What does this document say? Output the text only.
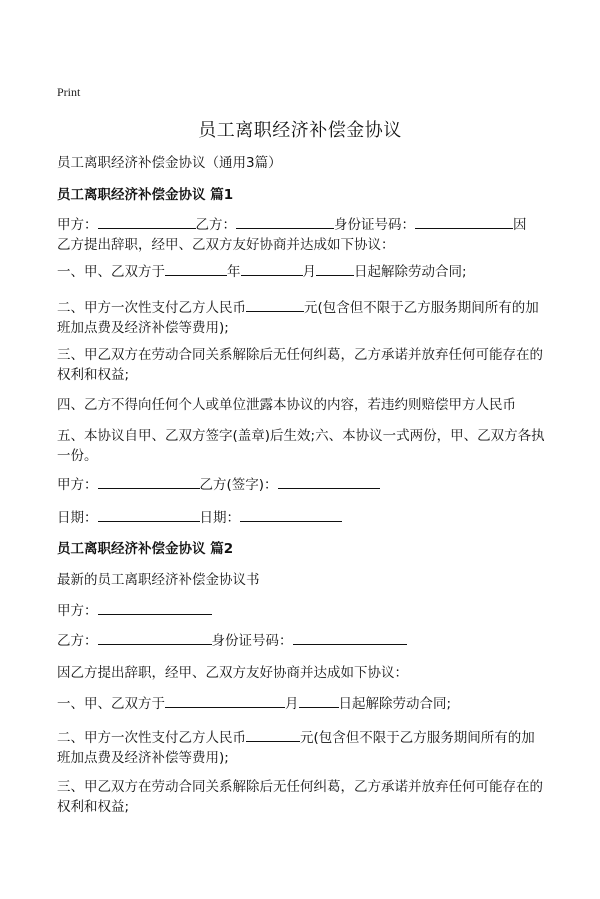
Print
员工离职经济补偿金协议
员工离职经济补偿金协议（通用3篇）
员工离职经济补偿金协议 篇1
甲方：	乙方：	身份证号码：	因
乙方提出辞职，经甲、乙双方友好协商并达成如下协议：
一、甲、乙双方于	年	月	日起解除劳动合同;
二、甲方一次性支付乙方人民币	元(包含但不限于乙方服务期间所有的加
班加点费及经济补偿等费用);
三、甲乙双方在劳动合同关系解除后无任何纠葛，乙方承诺并放弃任何可能存在的
权利和权益;
四、乙方不得向任何个人或单位泄露本协议的内容，若违约则赔偿甲方人民币
五、本协议自甲、乙双方签字(盖章)后生效;六、本协议一式两份，甲、乙双方各执
一份。
甲方：	乙方(签字)：
日期：	日期：
员工离职经济补偿金协议 篇2
最新的员工离职经济补偿金协议书
甲方：
乙方：	身份证号码：
因乙方提出辞职，经甲、乙双方友好协商并达成如下协议：
一、甲、乙双方于	月	日起解除劳动合同;
二、甲方一次性支付乙方人民币	元(包含但不限于乙方服务期间所有的加
班加点费及经济补偿等费用);
三、甲乙双方在劳动合同关系解除后无任何纠葛，乙方承诺并放弃任何可能存在的
权利和权益;
